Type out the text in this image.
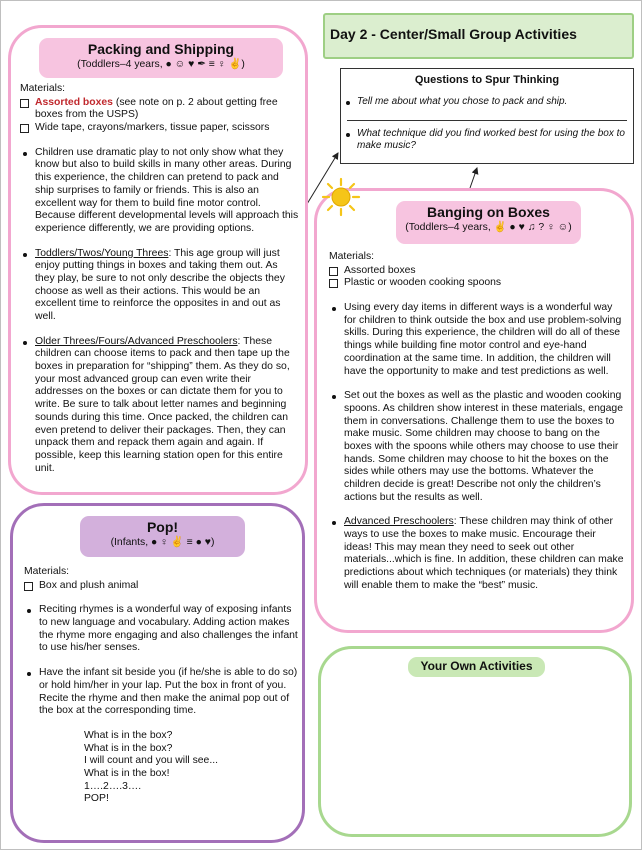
Day 2 - Center/Small Group Activities
Questions to Spur Thinking
Tell me about what you chose to pack and ship.
What technique did you find worked best for using the box to make music?
Packing and Shipping
(Toddlers–4 years, ● ☺ ♥ ✒ ≡ ♀ ✌)
Materials:
Assorted boxes (see note on p. 2 about getting free boxes from the USPS)
Wide tape, crayons/markers, tissue paper, scissors
Children use dramatic play to not only show what they know but also to build skills in many other areas. During this experience, the children can pretend to pack and ship surprises to family or friends. This is also an excellent way for them to build fine motor control. Because different developmental levels will approach this experience differently, we are providing options.
Toddlers/Twos/Young Threes: This age group will just enjoy putting things in boxes and taking them out. As they play, be sure to not only describe the objects they choose as well as their actions. This would be an excellent time to reinforce the opposites in and out as well.
Older Threes/Fours/Advanced Preschoolers: These children can choose items to pack and then tape up the boxes in preparation for “shipping” them. As they do so, your most advanced group can even write their addresses on the boxes or can dictate them for you to write. Be sure to talk about letter names and beginning sounds during this time. Once packed, the children can even pretend to deliver their packages. Then, they can unpack them and repack them again and again. If possible, keep this learning station open for this entire unit.
Pop!
(Infants, ● ♀ ✌ ≡ ● ♥)
Materials:
Box and plush animal
Reciting rhymes is a wonderful way of exposing infants to new language and vocabulary. Adding action makes the rhyme more engaging and also challenges the infant to use his/her senses.
Have the infant sit beside you (if he/she is able to do so) or hold him/her in your lap. Put the box in front of you. Recite the rhyme and then make the animal pop out of the box at the corresponding time.
What is in the box?
What is in the box?
I will count and you will see...
What is in the box!
1….2….3….
POP!
Banging on Boxes
(Toddlers–4 years, ✌ ● ♥ ♫ ? ♀ ☺)
Materials:
Assorted boxes
Plastic or wooden cooking spoons
Using every day items in different ways is a wonderful way for children to think outside the box and use problem-solving skills. During this experience, the children will do all of these things while building fine motor control and eye-hand coordination at the same time. In addition, the children will have the opportunity to make and test predictions as well.
Set out the boxes as well as the plastic and wooden cooking spoons. As children show interest in these materials, engage them in conversations. Challenge them to use the boxes to make music. Some children may choose to bang on the boxes with the spoons while others may choose to use their hands. Some children may choose to hit the boxes on the sides while others may use the bottoms. Whatever the children decide is great! Describe not only the children’s actions but the results as well.
Advanced Preschoolers: These children may think of other ways to use the boxes to make music. Encourage their ideas! This may mean they need to seek out other materials...which is fine. In addition, these children can make predictions about which techniques (or materials) they think will enable them to make the “best” music.
Your Own Activities
